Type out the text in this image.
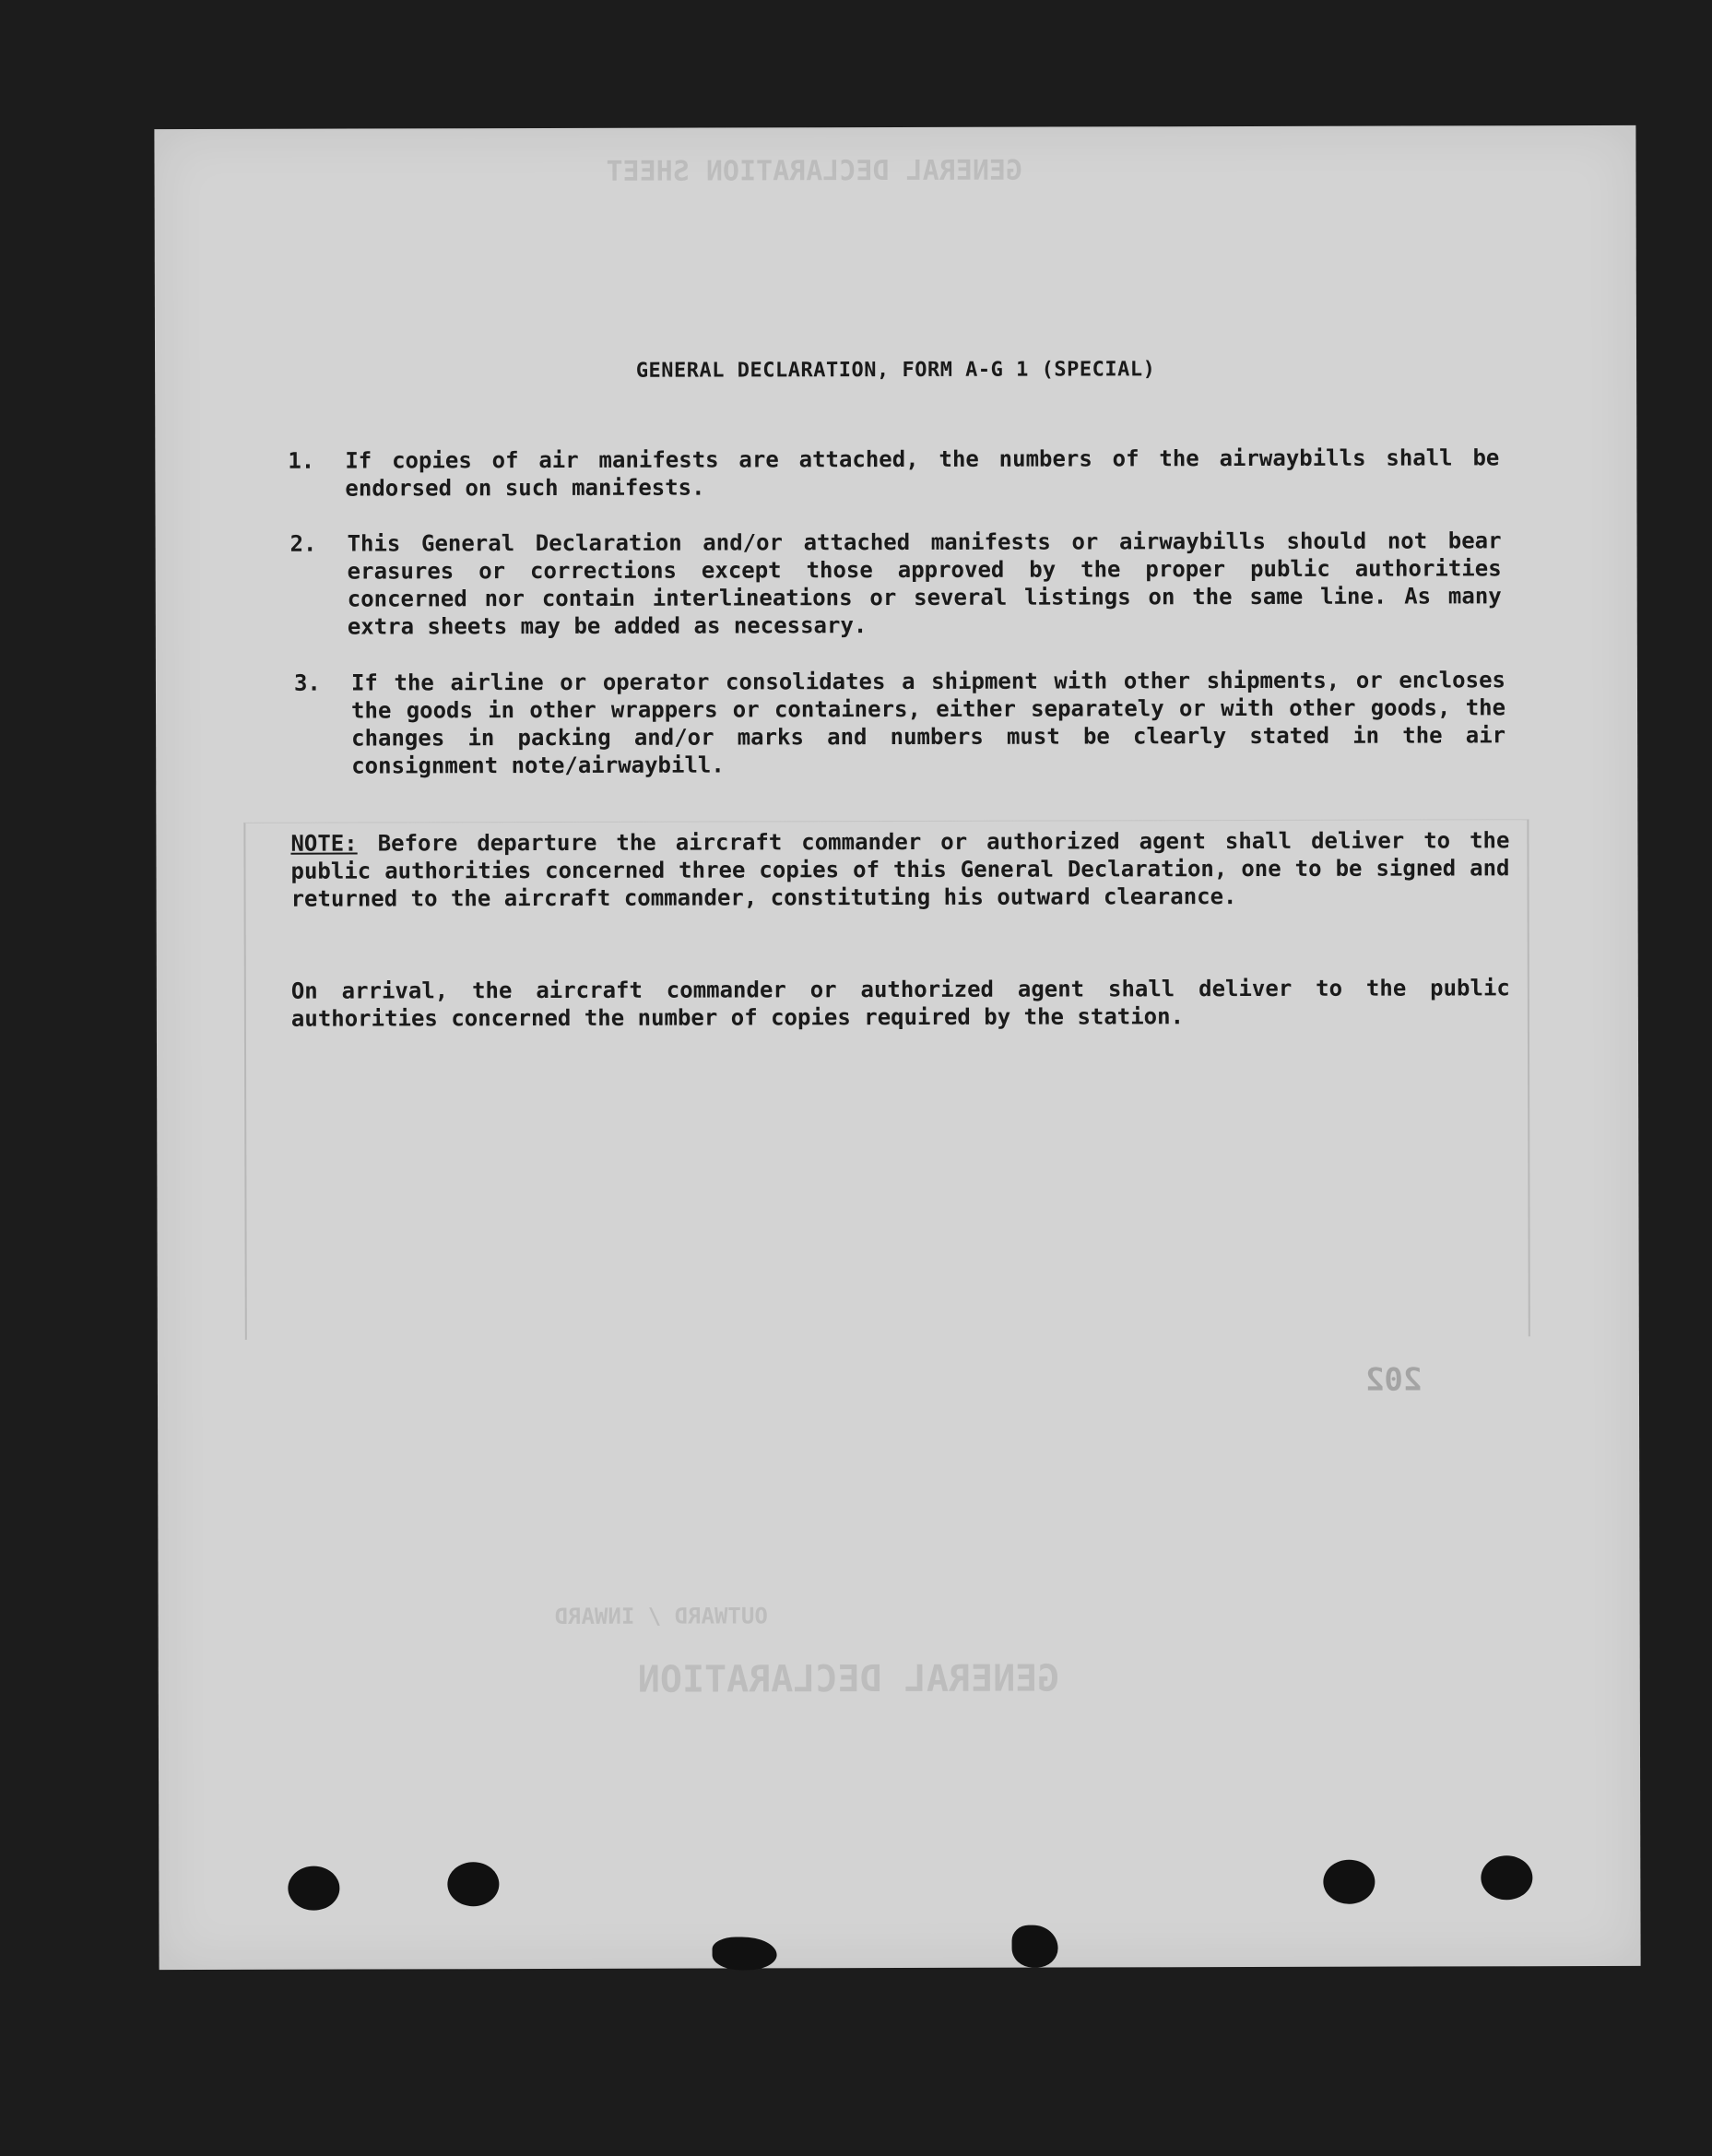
GENERAL DECLARATION SHEET
OUTWARD / INWARD
GENERAL DECLARATION
202
GENERAL DECLARATION, FORM A-G 1 (SPECIAL)
1. If copies of air manifests are attached, the numbers of the airwaybills shall be endorsed on such manifests.
2. This General Declaration and/or attached manifests or airwaybills should not bear erasures or corrections except those approved by the proper public authorities concerned nor contain interlineations or several listings on the same line. As many extra sheets may be added as necessary.
3. If the airline or operator consolidates a shipment with other shipments, or encloses the goods in other wrappers or containers, either separately or with other goods, the changes in packing and/or marks and numbers must be clearly stated in the air consignment note/airwaybill.
NOTE: Before departure the aircraft commander or authorized agent shall deliver to the public authorities concerned three copies of this General Declaration, one to be signed and returned to the aircraft commander, constituting his outward clearance.
On arrival, the aircraft commander or authorized agent shall deliver to the public authorities concerned the number of copies required by the station.
